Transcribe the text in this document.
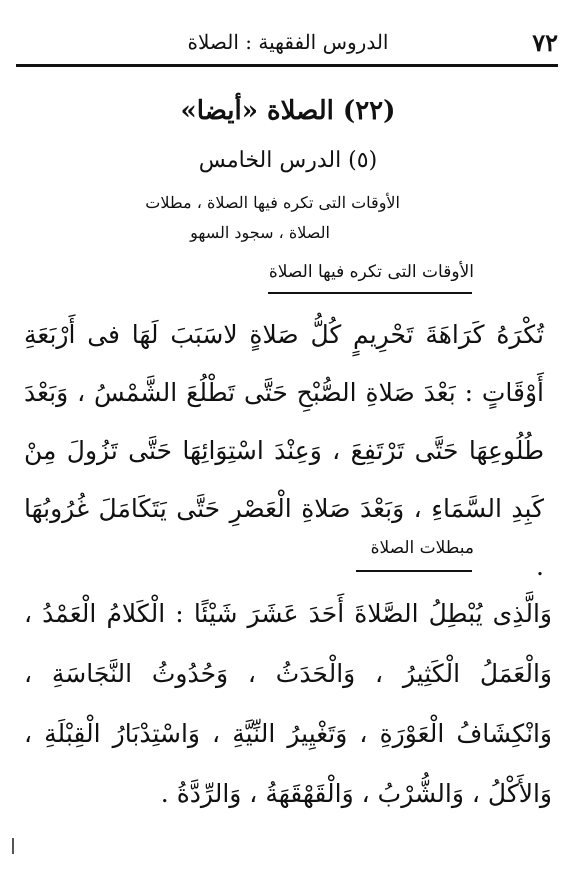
٧٢
الدروس الفقهية : الصلاة
(٢٢) الصلاة «أيضا»
(٥) الدرس الخامس
الأوقات التى تكره فيها الصلاة ، مطلات
الصلاة ، سجود السهو
الأوقات التى تكره فيها الصلاة
تُكْرَهُ كَرَاهَةَ تَحْرِيمٍ كُلُّ صَلاةٍ لاسَبَبَ لَهَا فى أَرْبَعَةِ أَوْقَاتٍ : بَعْدَ صَلاةِ الصُّبْحِ حَتَّى تَطْلُعَ الشَّمْسُ ، وَبَعْدَ طُلُوعِهَا حَتَّى تَرْتَفِعَ ، وَعِنْدَ اسْتِوَائِهَا حَتَّى تَزُولَ مِنْ كَبِدِ السَّمَاءِ ، وَبَعْدَ صَلاةِ الْعَصْرِ حَتَّى يَتَكَامَلَ غُرُوبُهَا .
مبطلات الصلاة
وَالَّذِى يُبْطِلُ الصَّلاةَ أَحَدَ عَشَرَ شَيْئًا : الْكَلامُ الْعَمْدُ ، وَالْعَمَلُ الْكَثِيرُ ، وَالْحَدَثُ ، وَحُدُوثُ النَّجَاسَةِ ، وَانْكِشَافُ الْعَوْرَةِ ، وَتَغْيِيرُ النِّيَّةِ ، وَاسْتِدْبَارُ الْقِبْلَةِ ، وَالأَكْلُ ، وَالشُّرْبُ ، وَالْقَهْقَهَةُ ، وَالرِّدَّةُ .
